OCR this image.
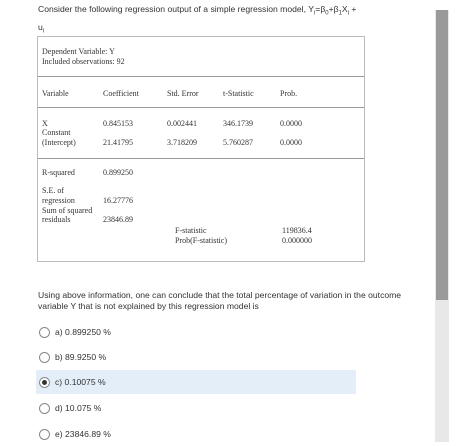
Consider the following regression output of a simple regression model, $Y_i=\beta_0+\beta_1X_i$ +
$u_i$
Dependent Variable: Y
Included observations: 92
Variable	Coefficient	Std. Error	t-Statistic	Prob.
X	0.845153	0.002441	346.1739	0.0000
Constant
(Intercept)	21.41795	3.718209	5.760287	0.0000
R-squared	0.899250
S.E. of
regression	16.27776
Sum of squared
residuals	23846.89
F-statistic	119836.4
Prob(F-statistic)	0.000000
Using above information, one can conclude that the total percentage of variation in the outcome variable Y that is not explained by this regression model is
a) 0.899250 %
b) 89.9250 %
c) 0.10075 %
d) 10.075 %
e) 23846.89 %
